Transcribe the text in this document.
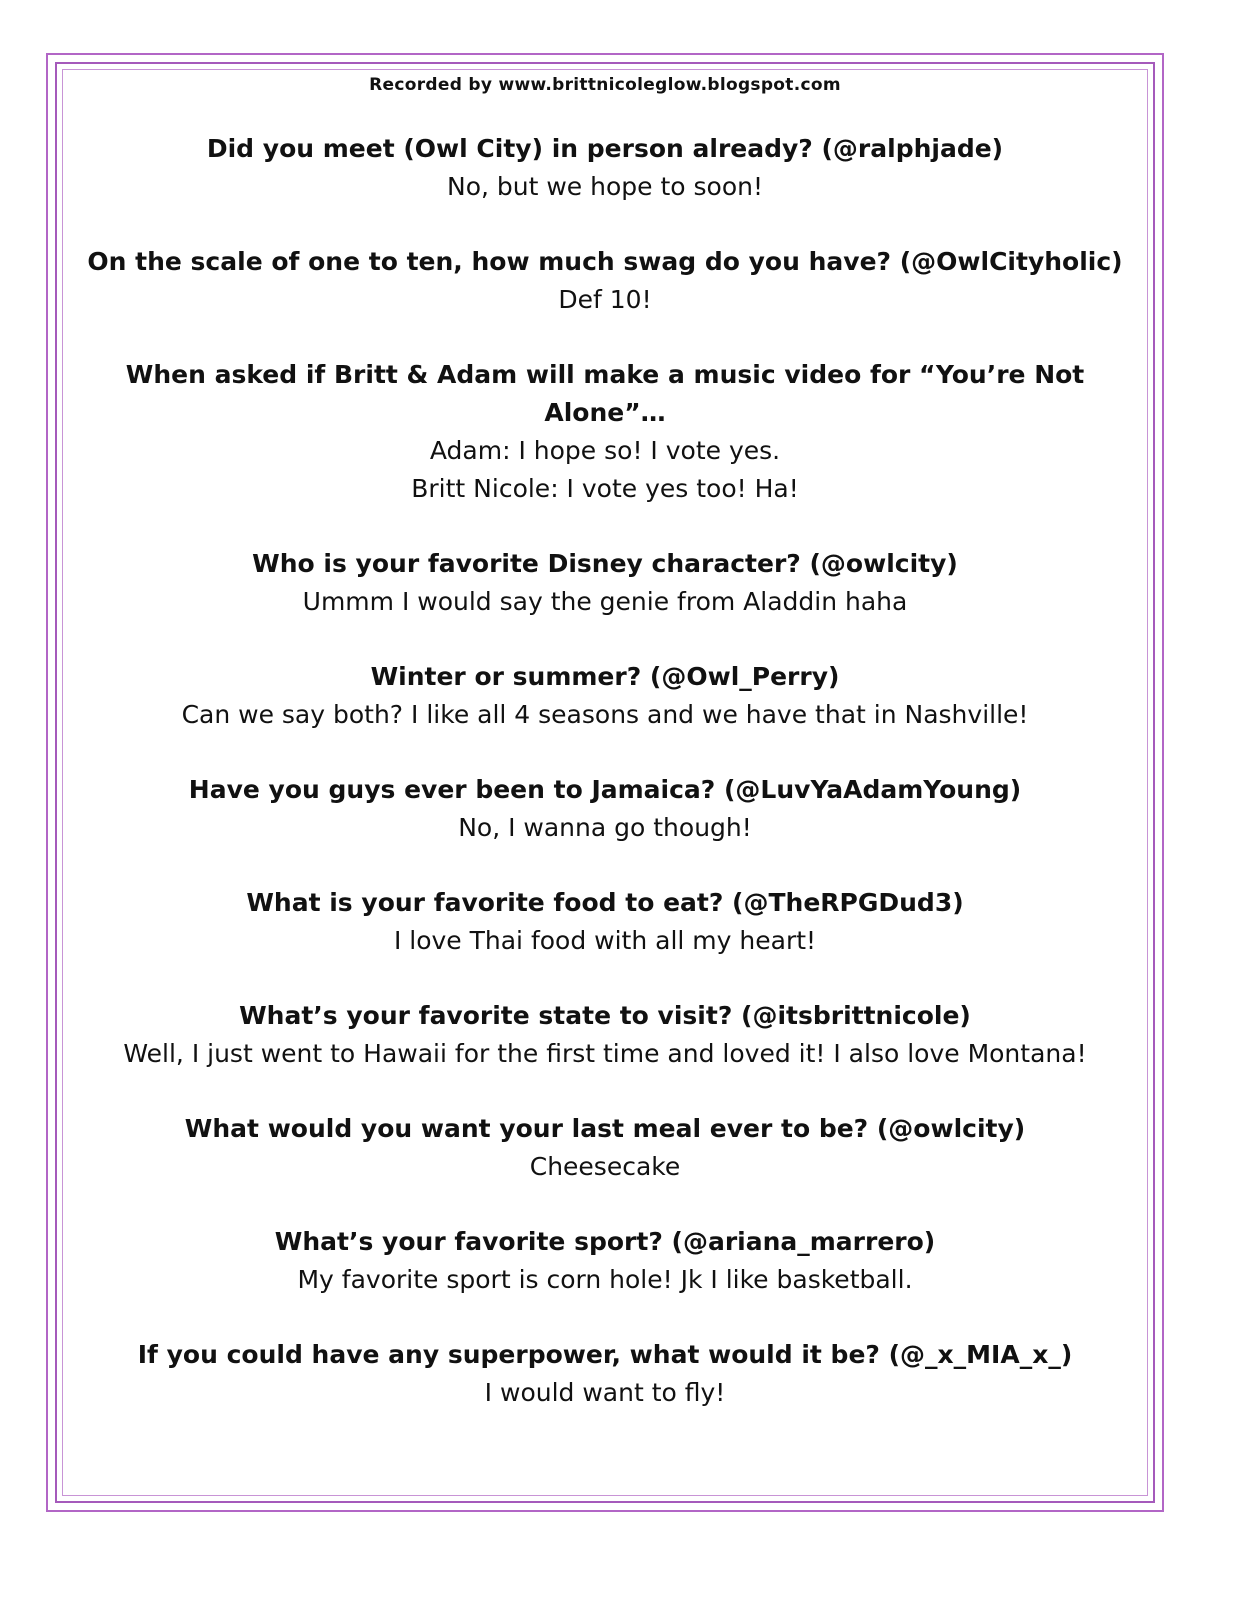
Recorded by www.brittnicoleglow.blogspot.com

Did you meet (Owl City) in person already? (@ralphjade)

No, but we hope to soon!

On the scale of one to ten, how much swag do you have? (@OwlCityholic)

Def 10!

When asked if Britt & Adam will make a music video for “You’re Not Alone”…

Adam: I hope so! I vote yes.

Britt Nicole: I vote yes too! Ha!

Who is your favorite Disney character? (@owlcity)

Ummm I would say the genie from Aladdin haha

Winter or summer? (@Owl_Perry)

Can we say both? I like all 4 seasons and we have that in Nashville!

Have you guys ever been to Jamaica? (@LuvYaAdamYoung)

No, I wanna go though!

What is your favorite food to eat? (@TheRPGDud3)

I love Thai food with all my heart!

What’s your favorite state to visit? (@itsbrittnicole)

Well, I just went to Hawaii for the first time and loved it! I also love Montana!

What would you want your last meal ever to be? (@owlcity)

Cheesecake

What’s your favorite sport? (@ariana_marrero)

My favorite sport is corn hole! Jk I like basketball.

If you could have any superpower, what would it be? (@_x_MIA_x_)

I would want to fly!
